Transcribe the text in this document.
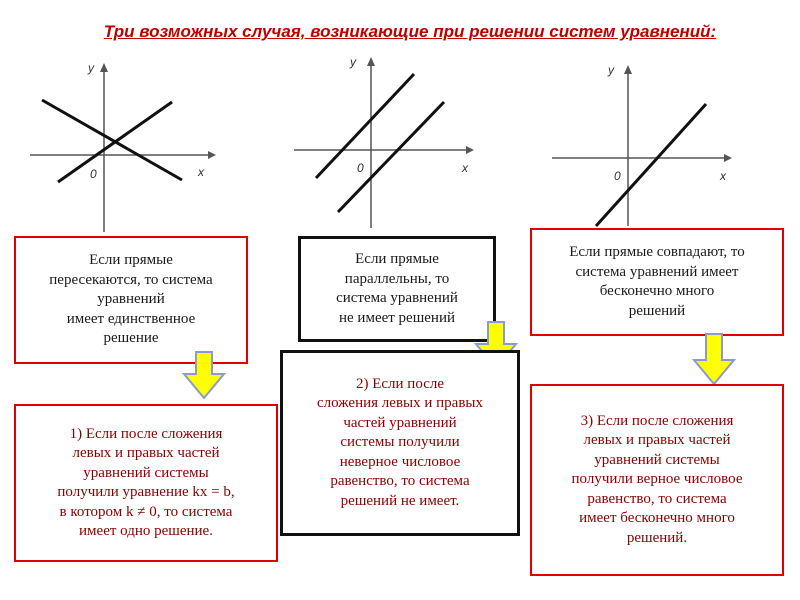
Три возможных случая, возникающие при решении систем уравнений:
y
x
0
y
x
0
y
x
0
Если прямые
пересекаются, то система
уравнений
имеет единственное
решение
Если прямые
параллельны, то
система уравнений
не имеет решений
Если прямые совпадают, то
система уравнений имеет
бесконечно много
решений
1) Если после сложения
левых и правых частей
уравнений системы
получили уравнение kx = b,
в котором k ≠ 0, то система
имеет одно решение.
2) Если после
сложения левых и правых
частей уравнений
системы получили
неверное числовое
равенство, то система
решений не имеет.
3) Если после сложения
левых и правых частей
уравнений системы
получили верное числовое
равенство, то система
имеет бесконечно много
решений.
